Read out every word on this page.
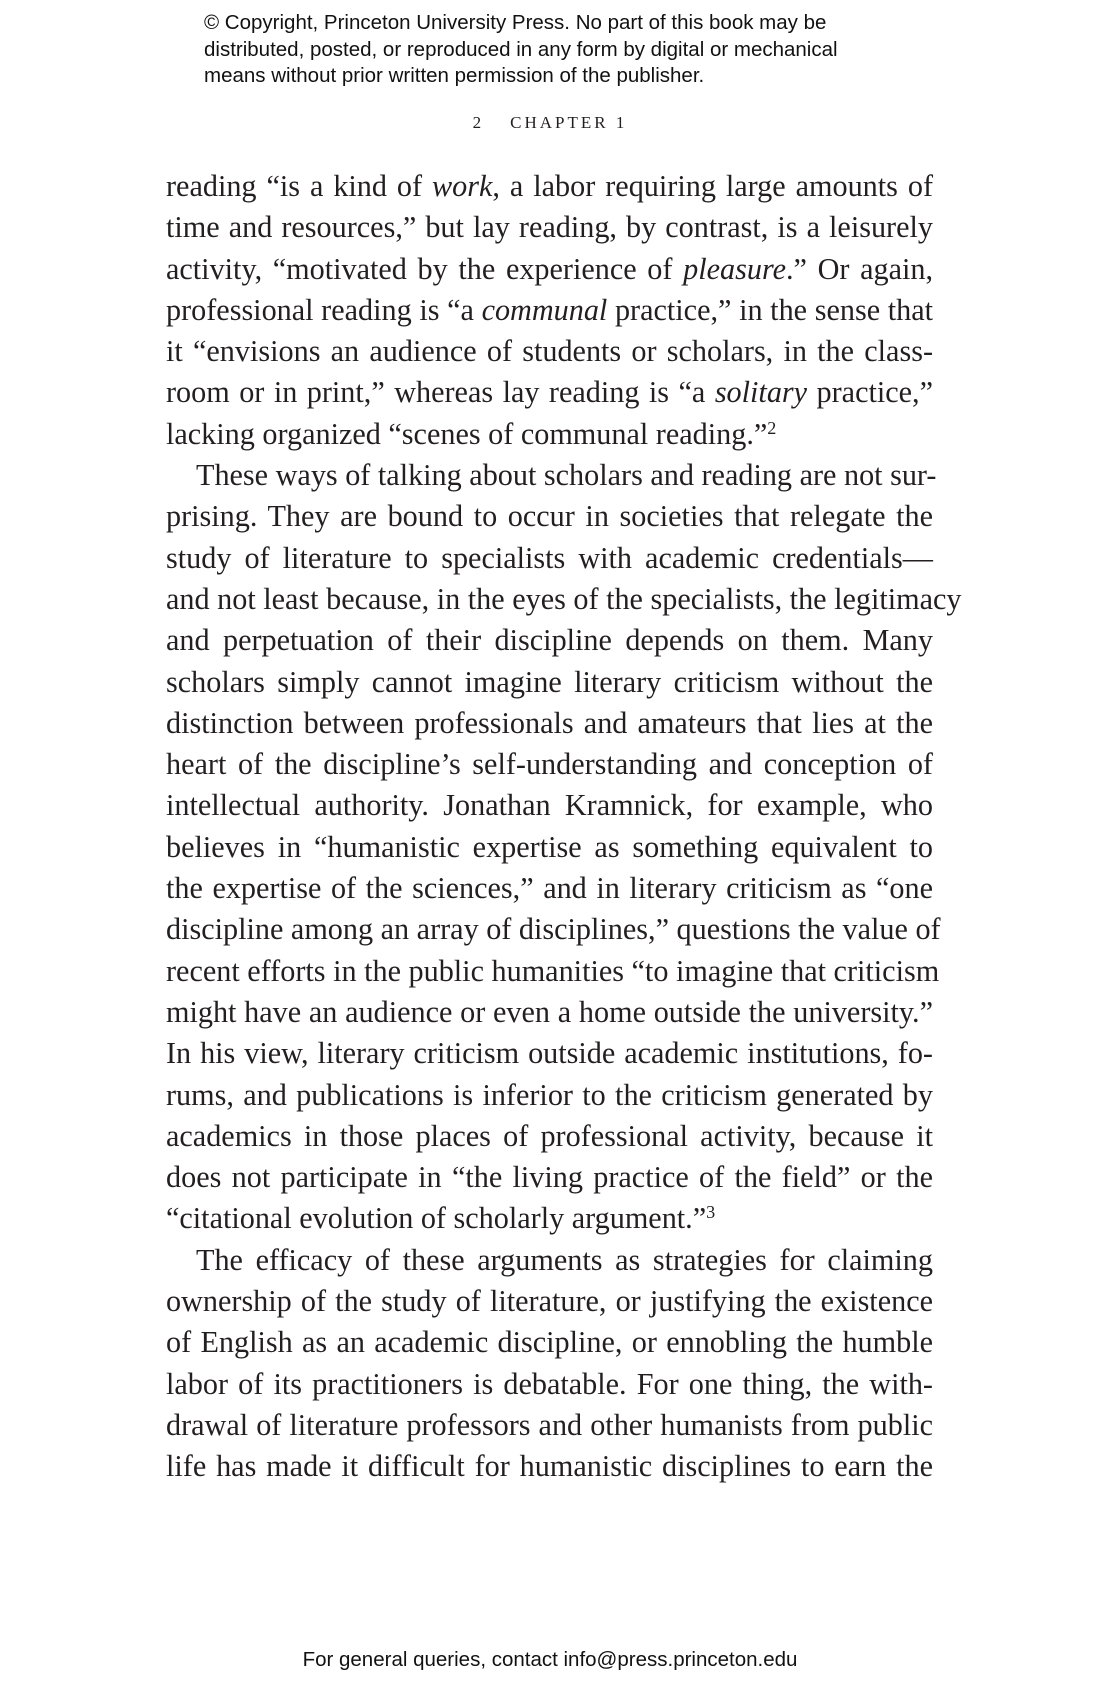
© Copyright, Princeton University Press. No part of this book may be
distributed, posted, or reproduced in any form by digital or mechanical
means without prior written permission of the publisher.
2 CHAPTER 1
reading “is a kind of work, a labor requiring large amounts of
time and resources,” but lay reading, by contrast, is a leisurely
activity, “motivated by the experience of pleasure.” Or again,
professional reading is “a communal practice,” in the sense that
it “envisions an audience of students or scholars, in the class-
room or in print,” whereas lay reading is “a solitary practice,”
lacking organized “scenes of communal reading.”$^2$
These ways of talking about scholars and reading are not sur-
prising. They are bound to occur in societies that relegate the
study of literature to specialists with academic credentials—
and not least because, in the eyes of the specialists, the legitimacy
and perpetuation of their discipline depends on them. Many
scholars simply cannot imagine literary criticism without the
distinction between professionals and amateurs that lies at the
heart of the discipline’s self-understanding and conception of
intellectual authority. Jonathan Kramnick, for example, who
believes in “humanistic expertise as something equivalent to
the expertise of the sciences,” and in literary criticism as “one
discipline among an array of disciplines,” questions the value of
recent efforts in the public humanities “to imagine that criticism
might have an audience or even a home outside the university.”
In his view, literary criticism outside academic institutions, fo-
rums, and publications is inferior to the criticism generated by
academics in those places of professional activity, because it
does not participate in “the living practice of the field” or the
“citational evolution of scholarly argument.”$^3$
The efficacy of these arguments as strategies for claiming
ownership of the study of literature, or justifying the existence
of English as an academic discipline, or ennobling the humble
labor of its practitioners is debatable. For one thing, the with-
drawal of literature professors and other humanists from public
life has made it difficult for humanistic disciplines to earn the
For general queries, contact info@press.princeton.edu
